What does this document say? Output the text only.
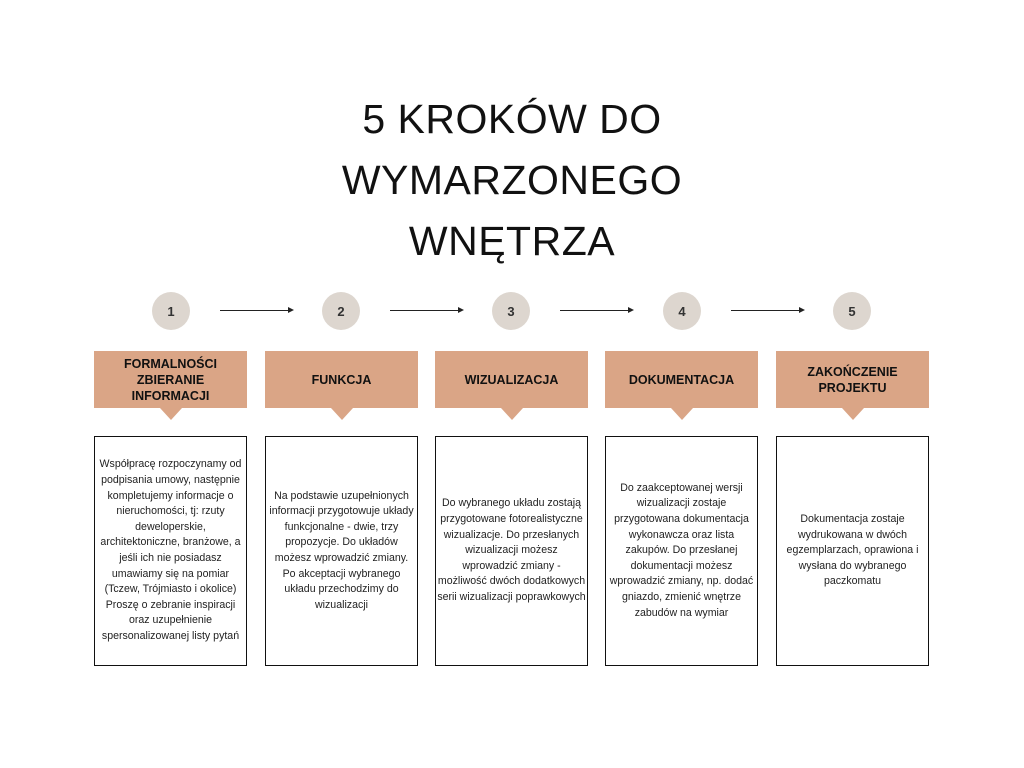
5 KROKÓW DO
WYMARZONEGO
WNĘTRZA
1	2	3	4	5
FORMALNOŚCI ZBIERANIE INFORMACJI
FUNKCJA	WIZUALIZACJA	DOKUMENTACJA
ZAKOŃCZENIE PROJEKTU
Współpracę rozpoczynamy od podpisania umowy, następnie kompletujemy informacje o nieruchomości, tj: rzuty deweloperskie, architektoniczne, branżowe, a jeśli ich nie posiadasz umawiamy się na pomiar (Tczew, Trójmiasto i okolice) Proszę o zebranie inspiracji oraz uzupełnienie spersonalizowanej listy pytań
Na podstawie uzupełnionych informacji przygotowuje układy funkcjonalne - dwie, trzy propozycje. Do układów możesz wprowadzić zmiany. Po akceptacji wybranego układu przechodzimy do wizualizacji
Do wybranego układu zostają przygotowane fotorealistyczne wizualizacje. Do przesłanych wizualizacji możesz wprowadzić zmiany - możliwość dwóch dodatkowych serii wizualizacji poprawkowych
Do zaakceptowanej wersji wizualizacji zostaje przygotowana dokumentacja wykonawcza oraz lista zakupów. Do przesłanej dokumentacji możesz wprowadzić zmiany, np. dodać gniazdo, zmienić wnętrze zabudów na wymiar
Dokumentacja zostaje wydrukowana w dwóch egzemplarzach, oprawiona i wysłana do wybranego paczkomatu
